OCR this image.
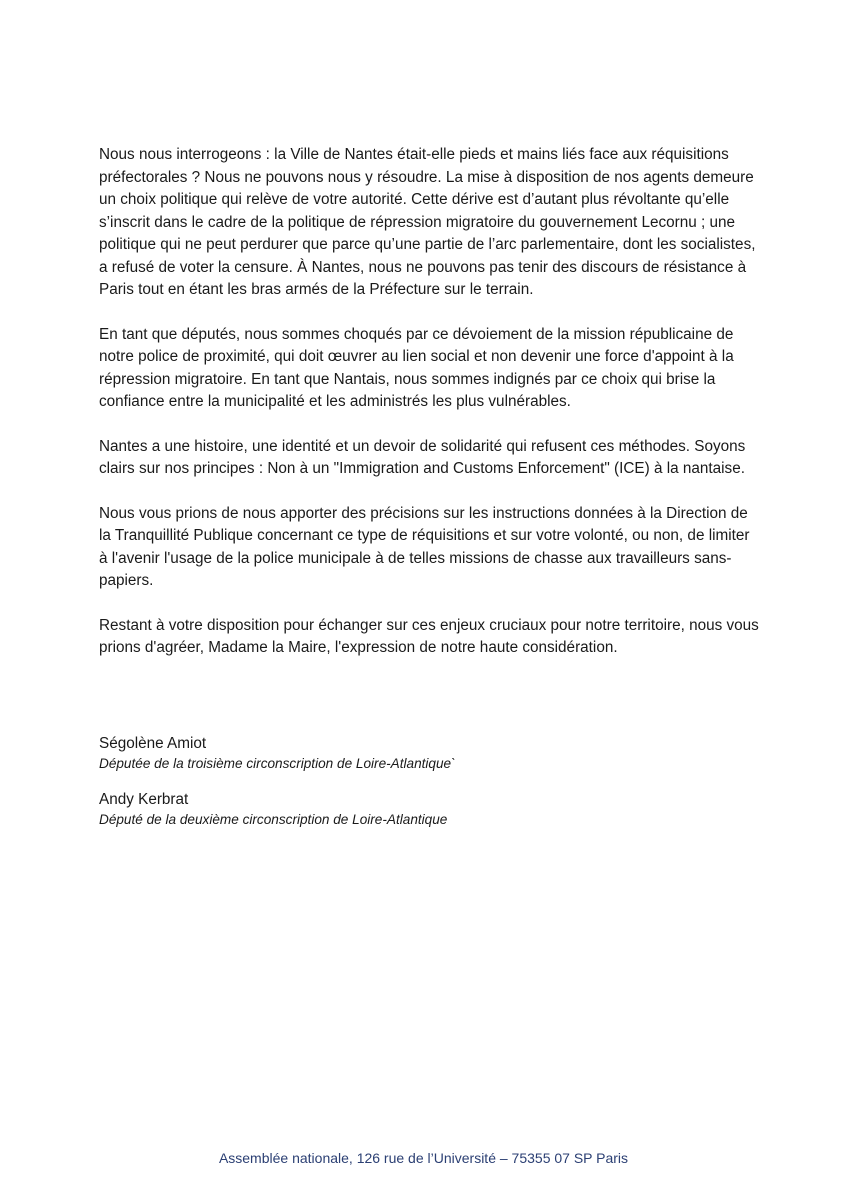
Nous nous interrogeons : la Ville de Nantes était-elle pieds et mains liés face aux réquisitions préfectorales ? Nous ne pouvons nous y résoudre. La mise à disposition de nos agents demeure un choix politique qui relève de votre autorité. Cette dérive est d’autant plus révoltante qu’elle s’inscrit dans le cadre de la politique de répression migratoire du gouvernement Lecornu ; une politique qui ne peut perdurer que parce qu’une partie de l’arc parlementaire, dont les socialistes, a refusé de voter la censure. À Nantes, nous ne pouvons pas tenir des discours de résistance à Paris tout en étant les bras armés de la Préfecture sur le terrain.

En tant que députés, nous sommes choqués par ce dévoiement de la mission républicaine de notre police de proximité, qui doit œuvrer au lien social et non devenir une force d'appoint à la répression migratoire. En tant que Nantais, nous sommes indignés par ce choix qui brise la confiance entre la municipalité et les administrés les plus vulnérables.

Nantes a une histoire, une identité et un devoir de solidarité qui refusent ces méthodes. Soyons clairs sur nos principes : Non à un "Immigration and Customs Enforcement" (ICE) à la nantaise.

Nous vous prions de nous apporter des précisions sur les instructions données à la Direction de la Tranquillité Publique concernant ce type de réquisitions et sur votre volonté, ou non, de limiter à l'avenir l'usage de la police municipale à de telles missions de chasse aux travailleurs sans-papiers.

Restant à votre disposition pour échanger sur ces enjeux cruciaux pour notre territoire, nous vous prions d'agréer, Madame la Maire, l'expression de notre haute considération.

Ségolène Amiot
Députée de la troisième circonscription de Loire-Atlantique`
Andy Kerbrat
Député de la deuxième circonscription de Loire-Atlantique
Assemblée nationale, 126 rue de l’Université – 75355 07 SP Paris
